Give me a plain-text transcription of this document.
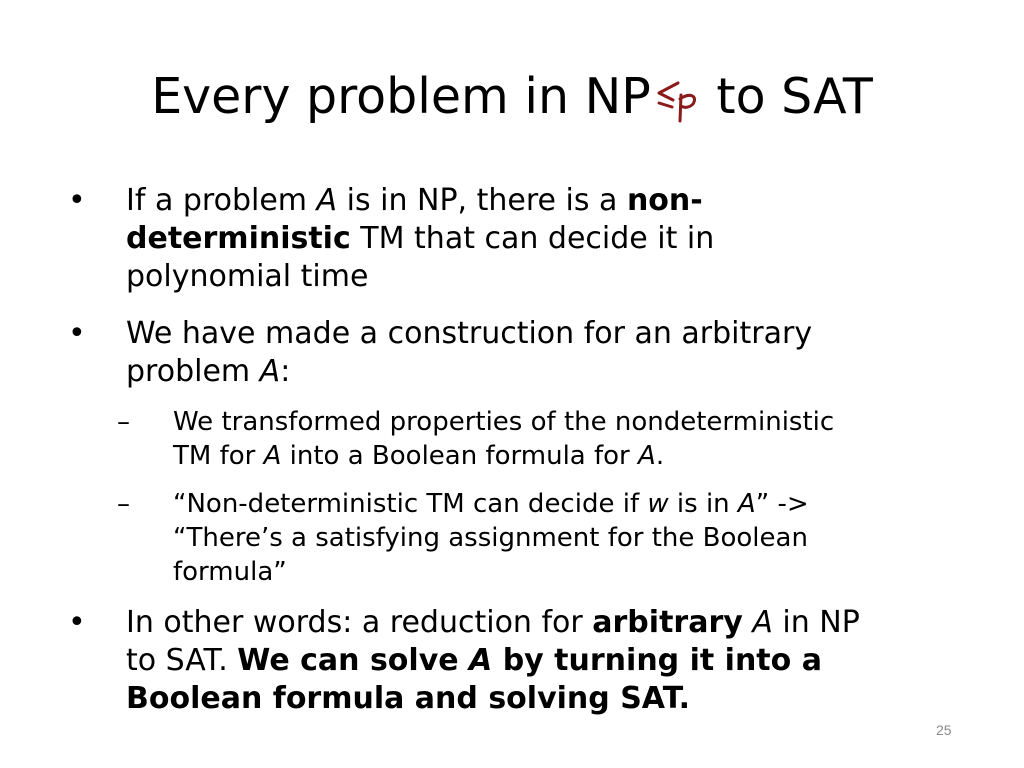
Every problem in NP to SAT
• If a problem A is in NP, there is a non-
deterministic TM that can decide it in
polynomial time
• We have made a construction for an arbitrary
problem A:
– We transformed properties of the nondeterministic
TM for A into a Boolean formula for A.
– “Non-deterministic TM can decide if w is in A” ->
“There’s a satisfying assignment for the Boolean
formula”
• In other words: a reduction for arbitrary A in NP
to SAT. We can solve A by turning it into a
Boolean formula and solving SAT.
25
